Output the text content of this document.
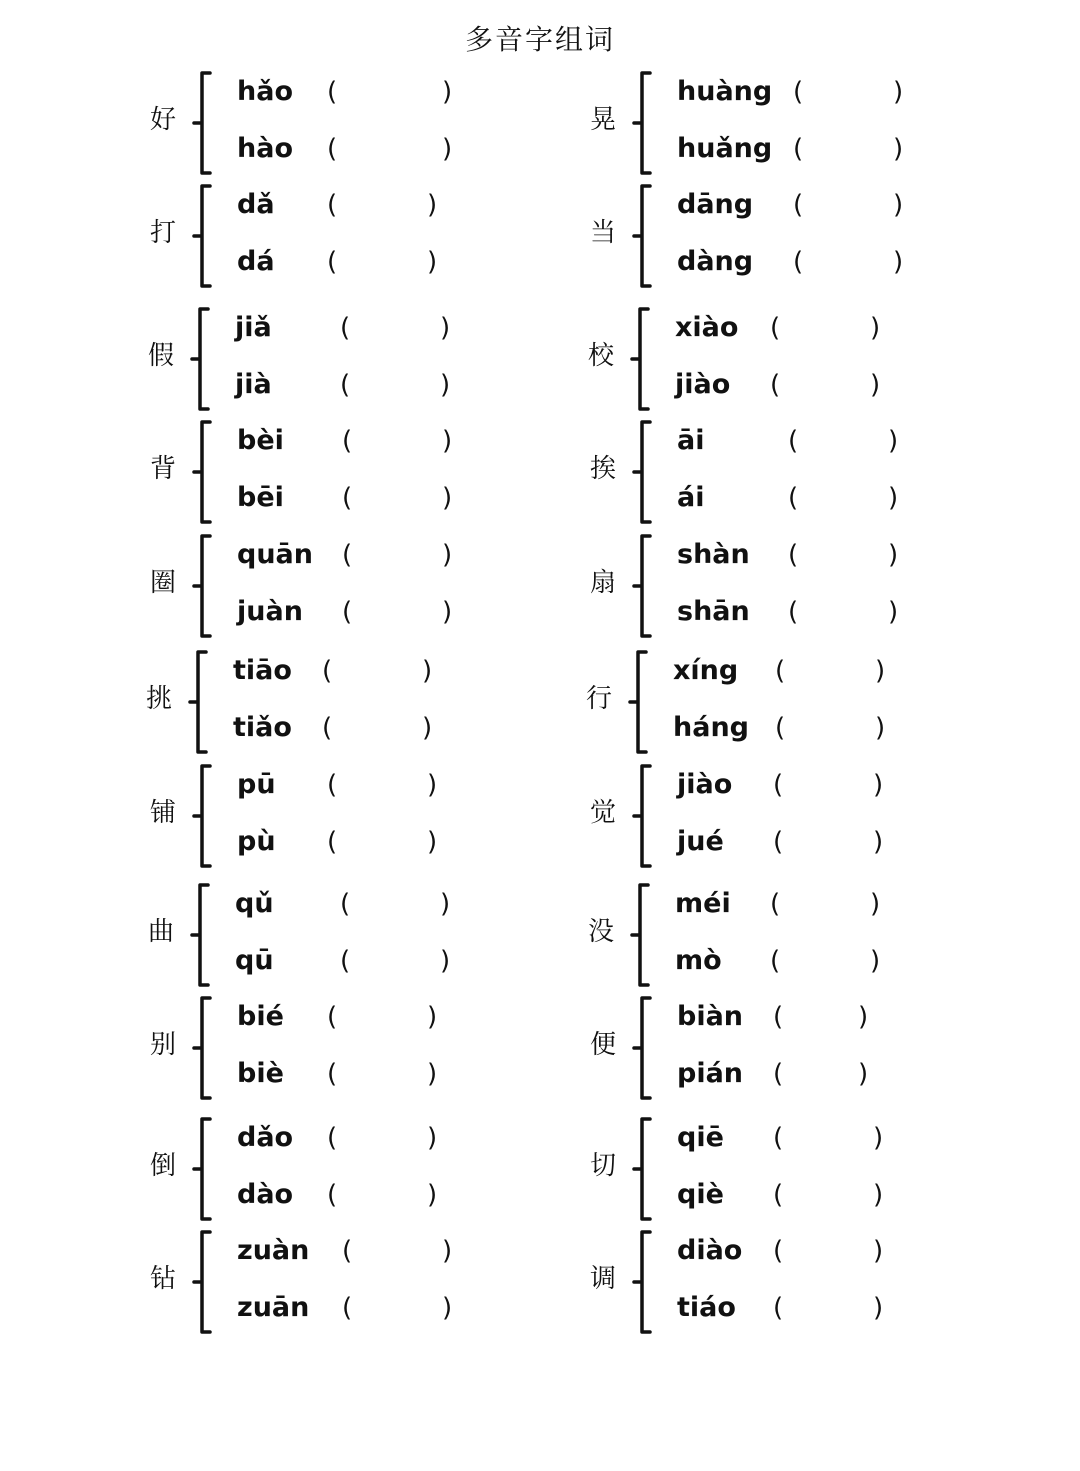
多音字组词
好
hǎo (	)
hào (	)
晃
huàng (	)
huǎng (	)
打
dǎ (	)
dá (	)
当
dāng (	)
dàng (	)
假
jiǎ	(	)
jià	(	)
校
xiào (	)
jiào (	)
背
bèi (	)
bēi (	)
挨
āi	(	)
ái	(	)
圈
quān (	)
juàn (	)
扇
shàn (	)
shān (	)
挑
tiāo (	)
tiǎo (	)
行
xíng (	)
háng (	)
铺
pū (	)
pù (	)
觉
jiào (	)
jué (	)
曲
qǔ	(	)
qū	(	)
没
méi (	)
mò (	)
别
bié (	)
biè (	)
便
biàn (	)
pián (	)
倒
dǎo (	)
dào (	)
切
qiē (	)
qiè (	)
钻
zuàn (	)
zuān (	)
调
diào (	)
tiáo (	)
